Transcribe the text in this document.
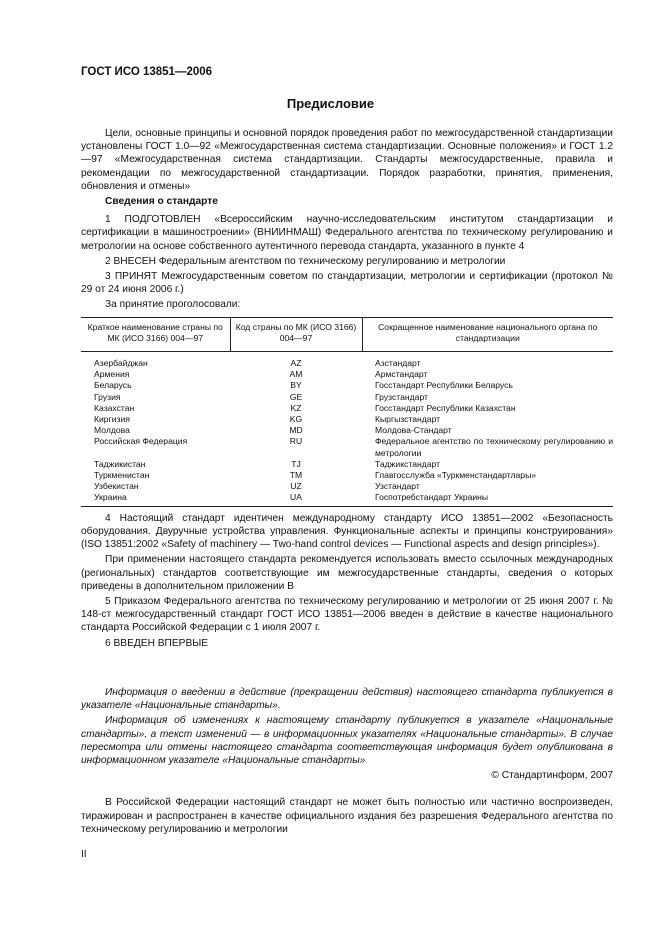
ГОСТ ИСО 13851—2006
Предисловие

Цели, основные принципы и основной порядок проведения работ по межгосударственной стандартизации установлены ГОСТ 1.0—92 «Межгосударственная система стандартизации. Основные положения» и ГОСТ 1.2—97 «Межгосударственная система стандартизации. Стандарты межгосударственные, правила и рекомендации по межгосударственной стандартизации. Порядок разработки, принятия, применения, обновления и отмены»

Сведения о стандарте

1 ПОДГОТОВЛЕН «Всероссийским научно-исследовательским институтом стандартизации и сертификации в машиностроении» (ВНИИНМАШ) Федерального агентства по техническому регулированию и метрологии на основе собственного аутентичного перевода стандарта, указанного в пункте 4

2 ВНЕСЕН Федеральным агентством по техническому регулированию и метрологии

3 ПРИНЯТ Межгосударственным советом по стандартизации, метрологии и сертификации (протокол № 29 от 24 июня 2006 г.)

За принятие проголосовали:

Краткое наименование страны по МК (ИСО 3166) 004—97	Код страны по МК (ИСО 3166) 004—97	Сокращенное наименование национального органа по стандартизации
Азербайджан	AZ	Азстандарт
Армения	AM	Армстандарт
Беларусь	BY	Госстандарт Республики Беларусь
Грузия	GE	Грузстандарт
Казахстан	KZ	Госстандарт Республики Казахстан
Киргизия	KG	Кыргызстандарт
Молдова	MD	Молдова-Стандарт
Российская Федерация	RU	Федеральное агентство по техническому регулированию и метрологии
Таджикистан	TJ	Таджикстандарт
Туркменистан	TM	Главгосслужба «Туркменстандартлары»
Узбекистан	UZ	Узстандарт
Украина	UA	Госпотребстандарт Украины

4 Настоящий стандарт идентичен международному стандарту ИСО 13851—2002 «Безопасность оборудования. Двуручные устройства управления. Функциональные аспекты и принципы конструирования» (ISO 13851:2002 «Safety of machinery — Two-hand control devices — Functional aspects and design principles»).

При применении настоящего стандарта рекомендуется использовать вместо ссылочных международных (региональных) стандартов соответствующие им межгосударственные стандарты, сведения о которых приведены в дополнительном приложении В

5 Приказом Федерального агентства по техническому регулированию и метрологии от 25 июня 2007 г. № 148-ст межгосударственный стандарт ГОСТ ИСО 13851—2006 введен в действие в качестве национального стандарта Российской Федерации с 1 июля 2007 г.

6 ВВЕДЕН ВПЕРВЫЕ

Информация о введении в действие (прекращении действия) настоящего стандарта публикуется в указателе «Национальные стандарты».

Информация об изменениях к настоящему стандарту публикуется в указателе «Национальные стандарты», а текст изменений — в информационных указателях «Национальные стандарты». В случае пересмотра или отмены настоящего стандарта соответствующая информация будет опубликована в информационном указателе «Национальные стандарты»

© Стандартинформ, 2007

В Российской Федерации настоящий стандарт не может быть полностью или частично воспроизведен, тиражирован и распространен в качестве официального издания без разрешения Федерального агентства по техническому регулированию и метрологии

II
